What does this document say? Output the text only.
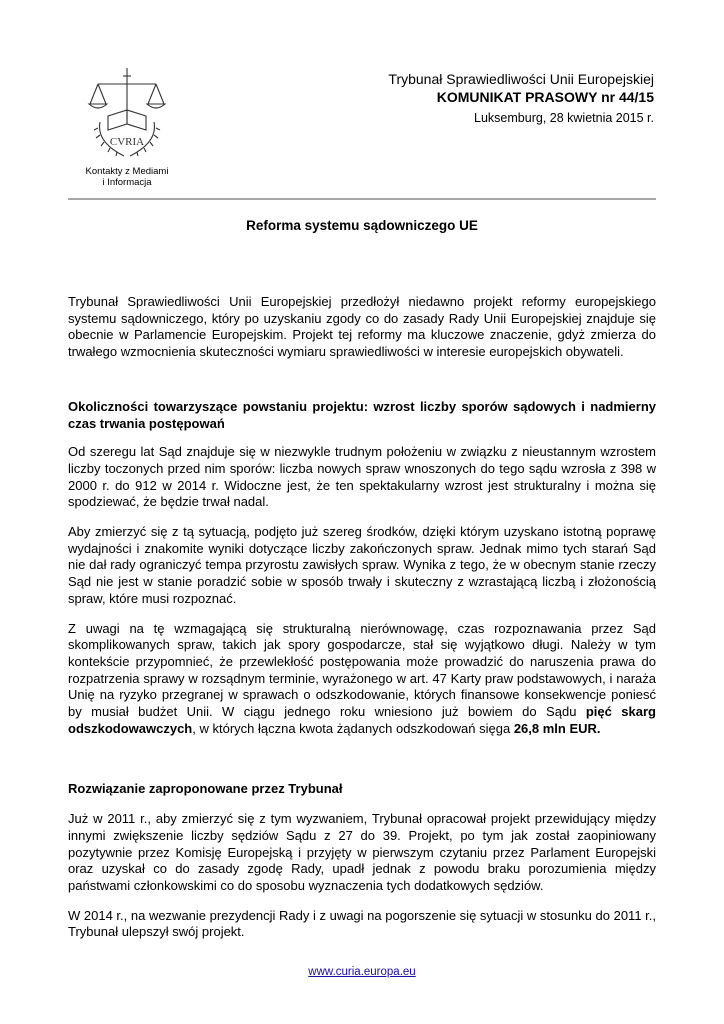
CVRIA
Kontakty z Mediami
i Informacja
Trybunał Sprawiedliwości Unii Europejskiej
KOMUNIKAT PRASOWY nr 44/15
Luksemburg, 28 kwietnia 2015 r.
Reforma systemu sądowniczego UE

Trybunał Sprawiedliwości Unii Europejskiej przedłożył niedawno projekt reformy europejskiego systemu sądowniczego, który po uzyskaniu zgody co do zasady Rady Unii Europejskiej znajduje się obecnie w Parlamencie Europejskim. Projekt tej reformy ma kluczowe znaczenie, gdyż zmierza do trwałego wzmocnienia skuteczności wymiaru sprawiedliwości w interesie europejskich obywateli.

Okoliczności towarzyszące powstaniu projektu: wzrost liczby sporów sądowych i nadmierny czas trwania postępowań

Od szeregu lat Sąd znajduje się w niezwykle trudnym położeniu w związku z nieustannym wzrostem liczby toczonych przed nim sporów: liczba nowych spraw wnoszonych do tego sądu wzrosła z 398 w 2000 r. do 912 w 2014 r. Widoczne jest, że ten spektakularny wzrost jest strukturalny i można się spodziewać, że będzie trwał nadal.

Aby zmierzyć się z tą sytuacją, podjęto już szereg środków, dzięki którym uzyskano istotną poprawę wydajności i znakomite wyniki dotyczące liczby zakończonych spraw. Jednak mimo tych starań Sąd nie dał rady ograniczyć tempa przyrostu zawisłych spraw. Wynika z tego, że w obecnym stanie rzeczy Sąd nie jest w stanie poradzić sobie w sposób trwały i skuteczny z wzrastającą liczbą i złożonością spraw, które musi rozpoznać.

Z uwagi na tę wzmagającą się strukturalną nierównowagę, czas rozpoznawania przez Sąd skomplikowanych spraw, takich jak spory gospodarcze, stał się wyjątkowo długi. Należy w tym kontekście przypomnieć, że przewlekłość postępowania może prowadzić do naruszenia prawa do rozpatrzenia sprawy w rozsądnym terminie, wyrażonego w art. 47 Karty praw podstawowych, i naraża Unię na ryzyko przegranej w sprawach o odszkodowanie, których finansowe konsekwencje poniesć by musiał budżet Unii. W ciągu jednego roku wniesiono już bowiem do Sądu pięć skarg odszkodowawczych, w których łączna kwota żądanych odszkodowań sięga 26,8 mln EUR.

Rozwiązanie zaproponowane przez Trybunał

Już w 2011 r., aby zmierzyć się z tym wyzwaniem, Trybunał opracował projekt przewidujący między innymi zwiększenie liczby sędziów Sądu z 27 do 39. Projekt, po tym jak został zaopiniowany pozytywnie przez Komisję Europejską i przyjęty w pierwszym czytaniu przez Parlament Europejski oraz uzyskał co do zasady zgodę Rady, upadł jednak z powodu braku porozumienia między państwami członkowskimi co do sposobu wyznaczenia tych dodatkowych sędziów.

W 2014 r., na wezwanie prezydencji Rady i z uwagi na pogorszenie się sytuacji w stosunku do 2011 r., Trybunał ulepszył swój projekt.

www.curia.europa.eu
